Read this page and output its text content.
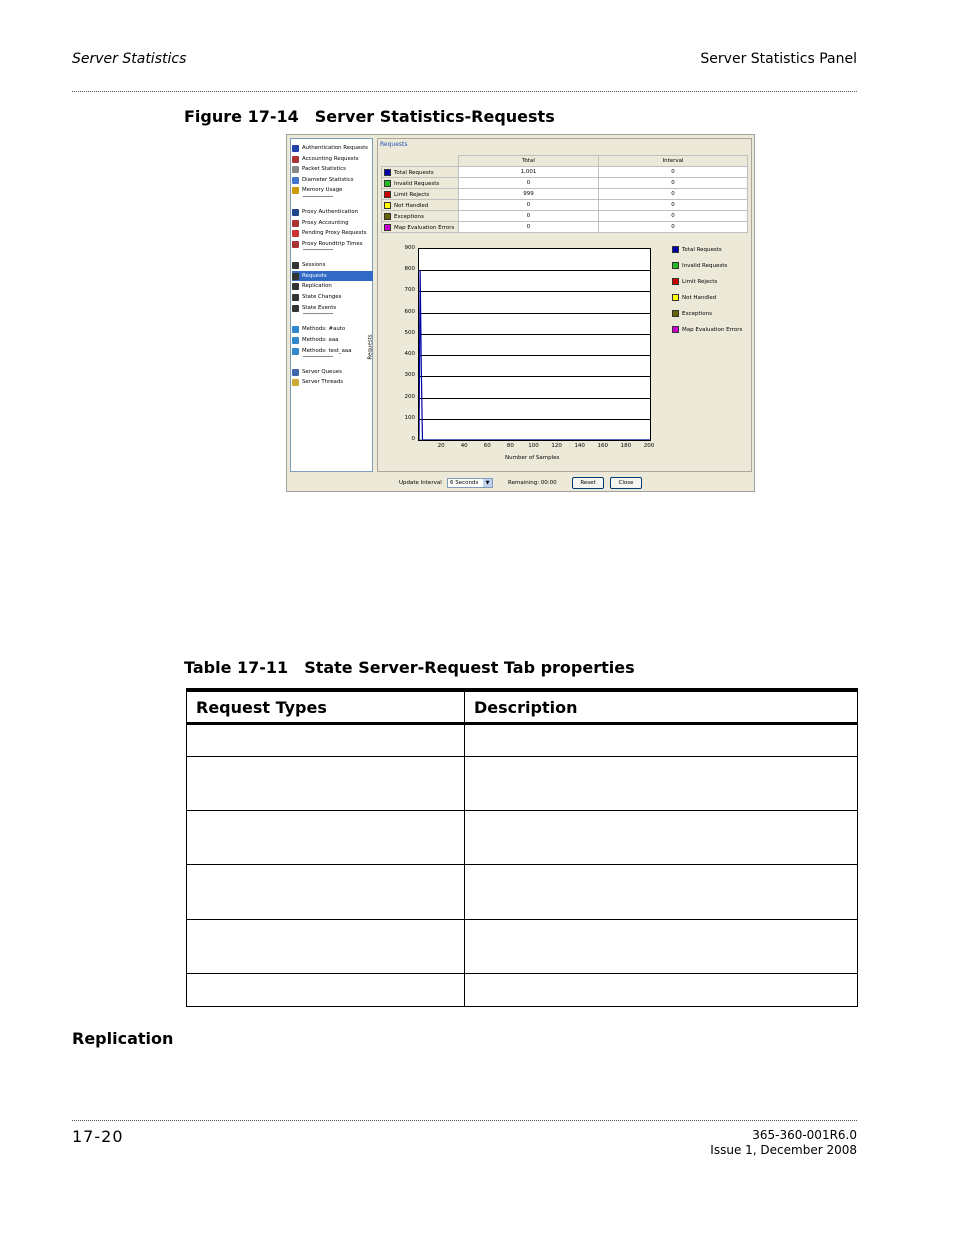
Server Statistics	Server Statistics Panel
Figure 17-14 Server Statistics-Requests
Authentication Requests
Accounting Requests
Packet Statistics
Diameter Statistics
Memory Usage
Proxy Authentication
Proxy Accounting
Pending Proxy Requests
Proxy Roundtrip Times
Sessions
Requests
Replication
State Changes
State Events
Methods: #auto
Methods: aaa
Methods: test_aaa
Server Queues
Server Threads
Requests
	Total	Interval
Total Requests	1,001	0
Invalid Requests	0	0
Limit Rejects	999	0
Not Handled	0	0
Exceptions	0	0
Map Evaluation Errors	0	0
Requests
0
100
200
300
400
500
600
700
800
900
20	40	60	80	100	120	140	160	180	200
Number of Samples
Total Requests
Invalid Requests
Limit Rejects
Not Handled
Exceptions
Map Evaluation Errors
Update Interval	6 Seconds	▼	Remaining: 00:00	Reset	Close
Table 17-11 State Server-Request Tab properties
Request Types	Description

Replication
17-20	365-360-001R6.0
Issue 1, December 2008
